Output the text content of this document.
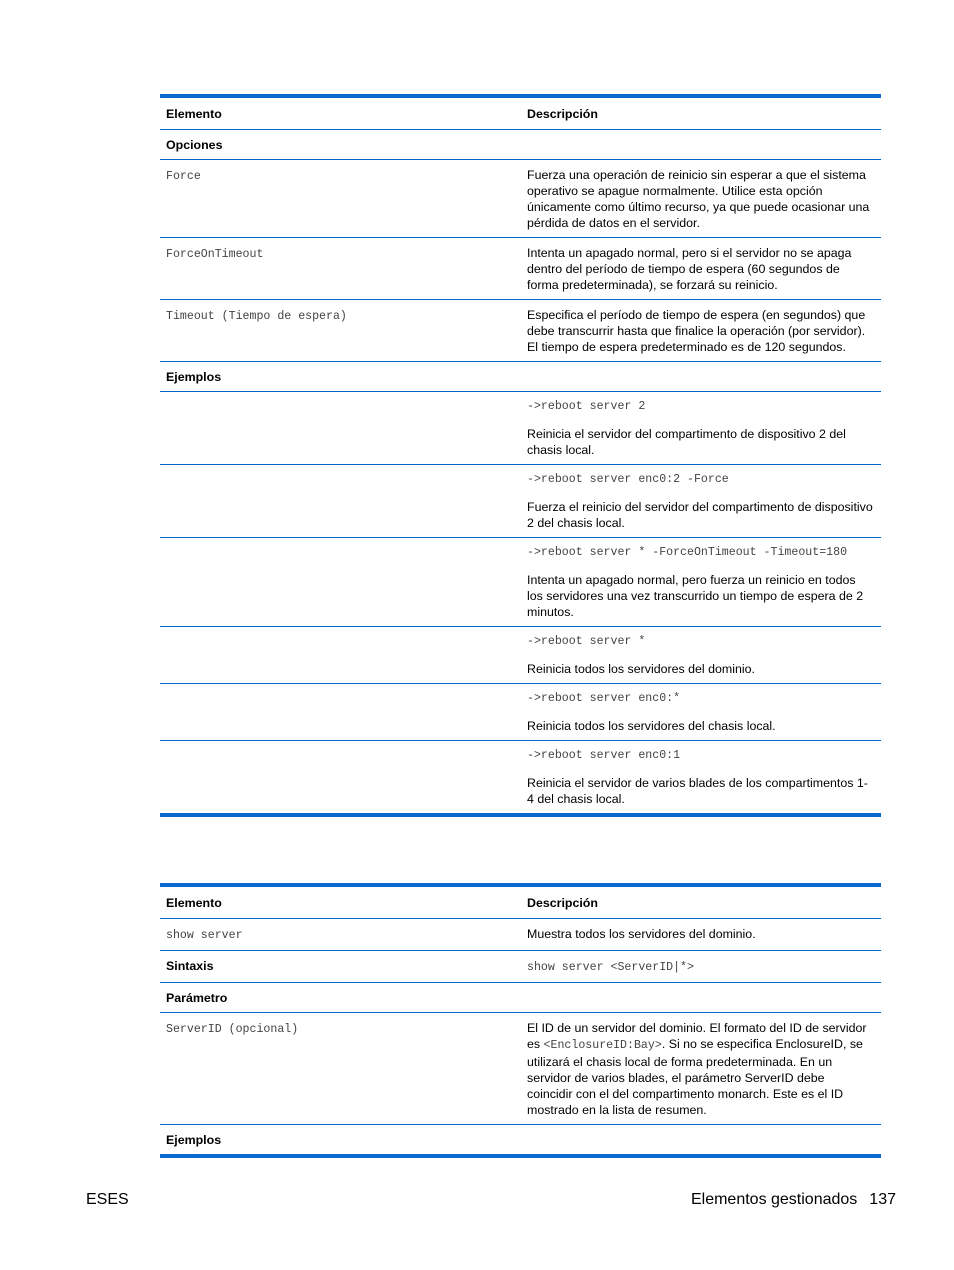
Elemento	Descripción
Opciones	
Force	Fuerza una operación de reinicio sin esperar a que el sistema operativo se apague normalmente. Utilice esta opción únicamente como último recurso, ya que puede ocasionar una pérdida de datos en el servidor.
ForceOnTimeout	Intenta un apagado normal, pero si el servidor no se apaga dentro del período de tiempo de espera (60 segundos de forma predeterminada), se forzará su reinicio.
Timeout (Tiempo de espera)	Especifica el período de tiempo de espera (en segundos) que debe transcurrir hasta que finalice la operación (por servidor). El tiempo de espera predeterminado es de 120 segundos.
Ejemplos	

	->reboot server 2
Reinicia el servidor del compartimento de dispositivo 2 del chasis local.

	->reboot server enc0:2 -Force
Fuerza el reinicio del servidor del compartimento de dispositivo 2 del chasis local.

	->reboot server * -ForceOnTimeout -Timeout=180
Intenta un apagado normal, pero fuerza un reinicio en todos los servidores una vez transcurrido un tiempo de espera de 2 minutos.

	->reboot server *
Reinicia todos los servidores del dominio.

	->reboot server enc0:*
Reinicia todos los servidores del chasis local.

	->reboot server enc0:1
Reinicia el servidor de varios blades de los compartimentos 1-4 del chasis local.
Elemento	Descripción
show server	Muestra todos los servidores del dominio.
Sintaxis	show server <ServerID|*>
Parámetro	
ServerID (opcional)	El ID de un servidor del dominio. El formato del ID de servidor es <EnclosureID:Bay>. Si no se especifica EnclosureID, se utilizará el chasis local de forma predeterminada. En un servidor de varios blades, el parámetro ServerID debe coincidir con el del compartimento monarch. Este es el ID mostrado en la lista de resumen.
Ejemplos	
ESES	Elementos gestionados 137
